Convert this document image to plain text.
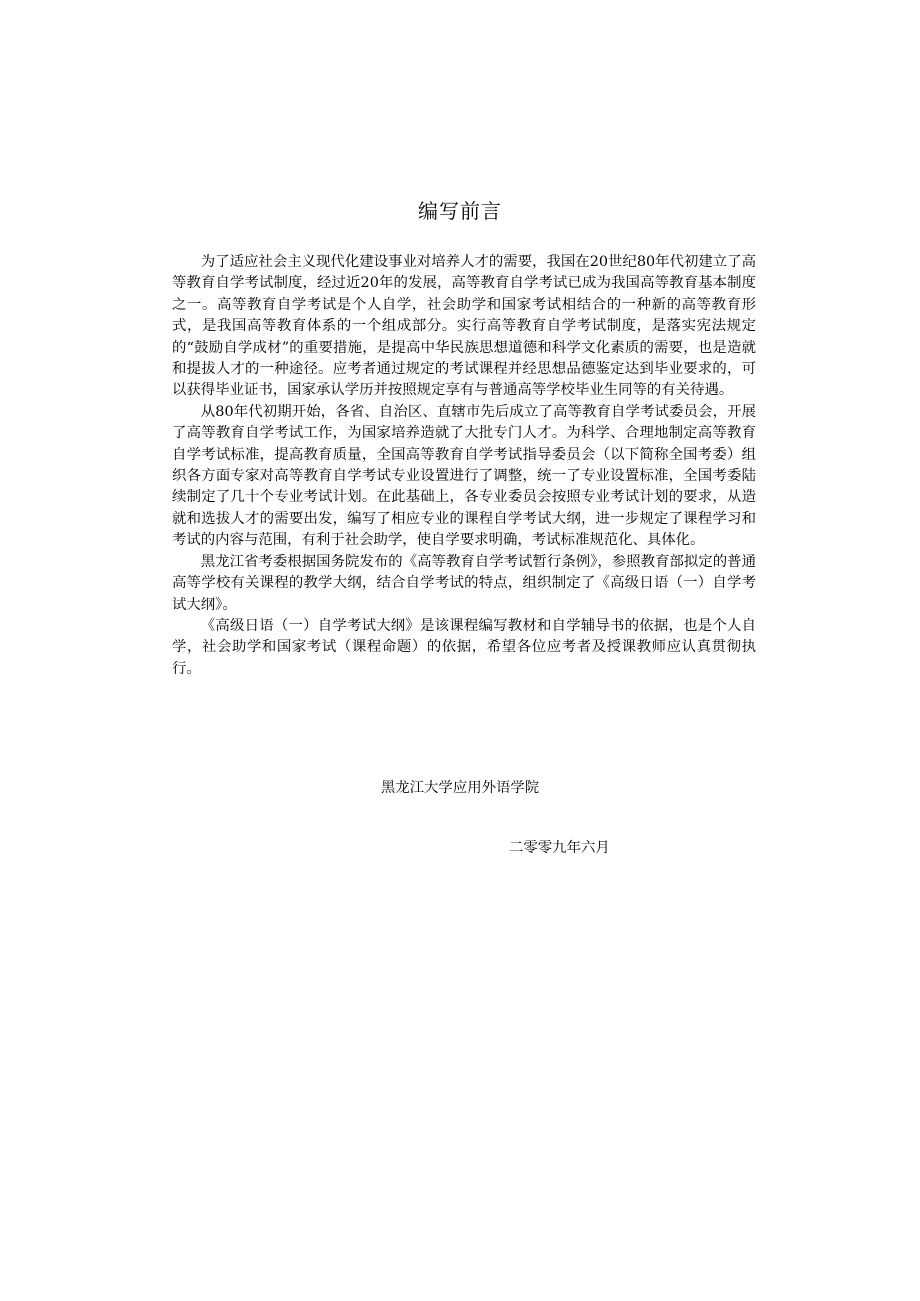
编写前言

为了适应社会主义现代化建设事业对培养人才的需要，我国在20世纪80年代初建立了高等教育自学考试制度，经过近20年的发展，高等教育自学考试已成为我国高等教育基本制度之一。高等教育自学考试是个人自学，社会助学和国家考试相结合的一种新的高等教育形式，是我国高等教育体系的一个组成部分。实行高等教育自学考试制度，是落实宪法规定的“鼓励自学成材”的重要措施，是提高中华民族思想道德和科学文化素质的需要，也是造就和提拔人才的一种途径。应考者通过规定的考试课程并经思想品德鉴定达到毕业要求的，可以获得毕业证书，国家承认学历并按照规定享有与普通高等学校毕业生同等的有关待遇。

从80年代初期开始，各省、自治区、直辖市先后成立了高等教育自学考试委员会，开展了高等教育自学考试工作，为国家培养造就了大批专门人才。为科学、合理地制定高等教育自学考试标准，提高教育质量，全国高等教育自学考试指导委员会（以下简称全国考委）组织各方面专家对高等教育自学考试专业设置进行了调整，统一了专业设置标准，全国考委陆续制定了几十个专业考试计划。在此基础上，各专业委员会按照专业考试计划的要求，从造就和选拔人才的需要出发，编写了相应专业的课程自学考试大纲，进一步规定了课程学习和考试的内容与范围，有利于社会助学，使自学要求明确，考试标准规范化、具体化。

黑龙江省考委根据国务院发布的《高等教育自学考试暂行条例》，参照教育部拟定的普通高等学校有关课程的教学大纲，结合自学考试的特点，组织制定了《高级日语（一）自学考试大纲》。

《高级日语（一）自学考试大纲》是该课程编写教材和自学辅导书的依据，也是个人自学，社会助学和国家考试（课程命题）的依据，希望各位应考者及授课教师应认真贯彻执行。

黑龙江大学应用外语学院
二零零九年六月
